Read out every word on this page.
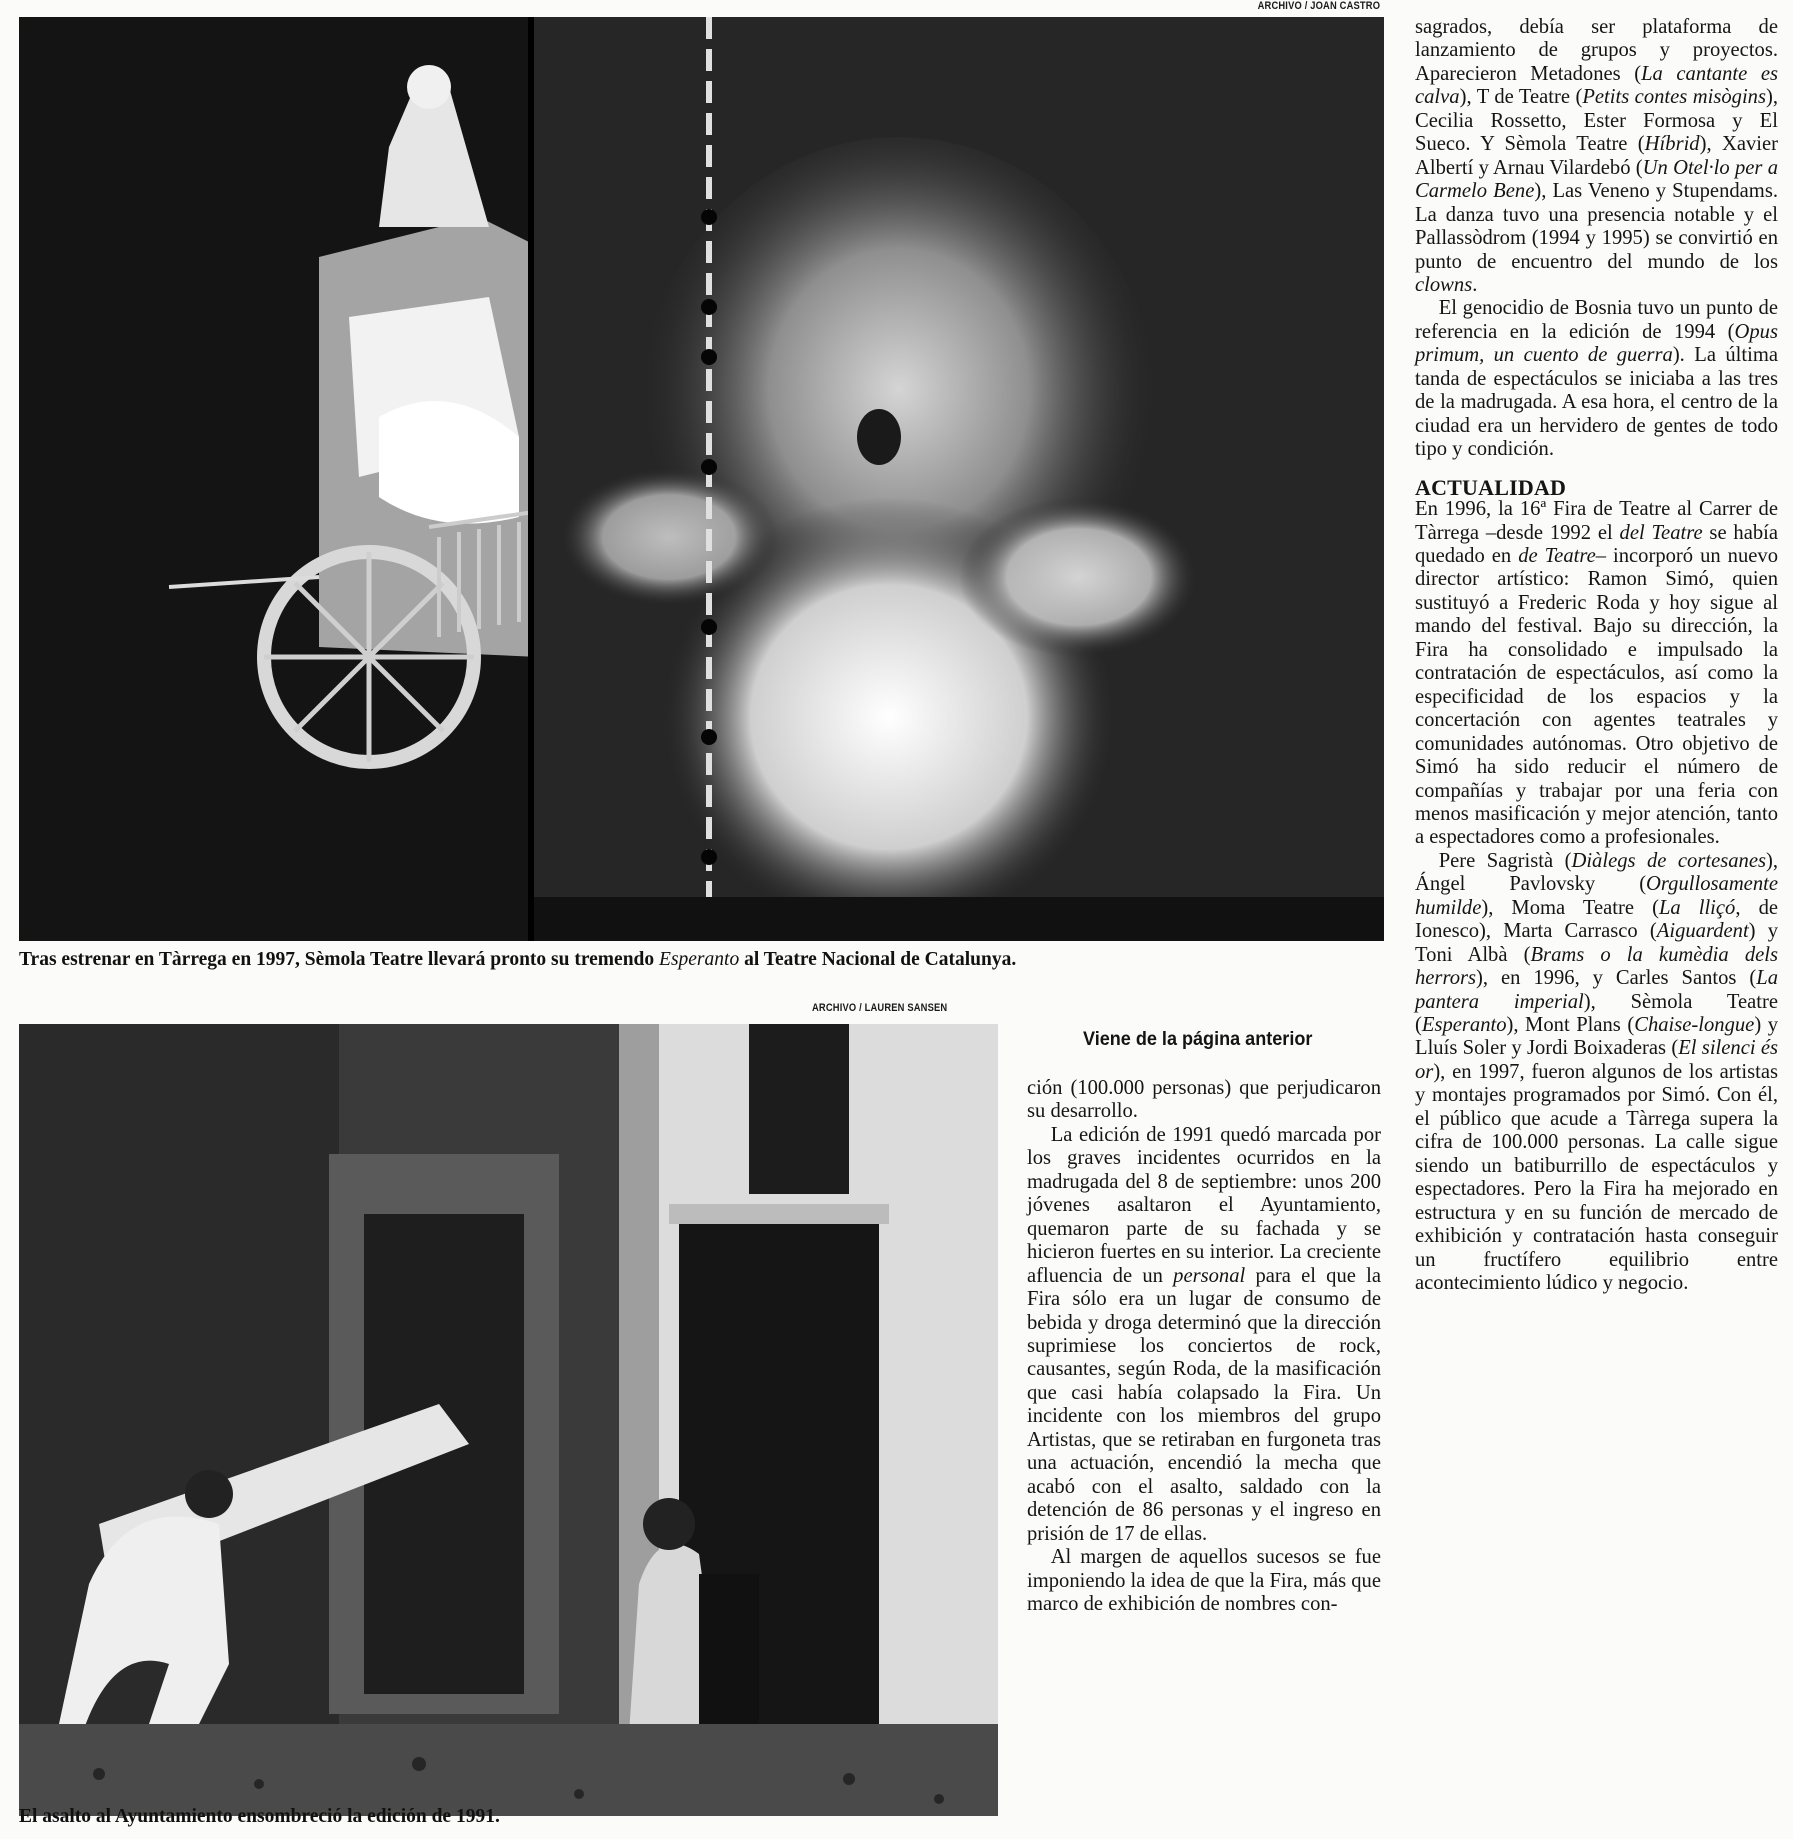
ARCHIVO / JOAN CASTRO
Tras estrenar en Tàrrega en 1997, Sèmola Teatre llevará pronto su tremendo Esperanto al Teatre Nacional de Catalunya.
ARCHIVO / LAUREN SANSEN
El asalto al Ayuntamiento ensombreció la edición de 1991.
Viene de la página anterior

ción (100.000 personas) que perjudicaron su desarrollo.

La edición de 1991 quedó marcada por los graves incidentes ocurridos en la madrugada del 8 de septiembre: unos 200 jóvenes asaltaron el Ayuntamiento, quemaron parte de su fachada y se hicieron fuertes en su interior. La creciente afluencia de un personal para el que la Fira sólo era un lugar de consumo de bebida y droga determinó que la dirección suprimiese los conciertos de rock, causantes, según Roda, de la masificación que casi había colapsado la Fira. Un incidente con los miembros del grupo Artistas, que se retiraban en furgoneta tras una actuación, encendió la mecha que acabó con el asalto, saldado con la detención de 86 personas y el ingreso en prisión de 17 de ellas.

Al margen de aquellos sucesos se fue imponiendo la idea de que la Fira, más que marco de exhibición de nombres con-

sagrados, debía ser plataforma de lanzamiento de grupos y proyectos. Aparecieron Metadones (La cantante es calva), T de Teatre (Petits contes misògins), Cecilia Rossetto, Ester Formosa y El Sueco. Y Sèmola Teatre (Híbrid), Xavier Albertí y Arnau Vilardebó (Un Otel·lo per a Carmelo Bene), Las Veneno y Stupendams. La danza tuvo una presencia notable y el Pallassòdrom (1994 y 1995) se convirtió en punto de encuentro del mundo de los clowns.

El genocidio de Bosnia tuvo un punto de referencia en la edición de 1994 (Opus primum, un cuento de guerra). La última tanda de espectáculos se iniciaba a las tres de la madrugada. A esa hora, el centro de la ciudad era un hervidero de gentes de todo tipo y condición.

ACTUALIDAD

En 1996, la 16ª Fira de Teatre al Carrer de Tàrrega –desde 1992 el del Teatre se había quedado en de Teatre– incorporó un nuevo director artístico: Ramon Simó, quien sustituyó a Frederic Roda y hoy sigue al mando del festival. Bajo su dirección, la Fira ha consolidado e impulsado la contratación de espectáculos, así como la especificidad de los espacios y la concertación con agentes teatrales y comunidades autónomas. Otro objetivo de Simó ha sido reducir el número de compañías y trabajar por una feria con menos masificación y mejor atención, tanto a espectadores como a profesionales.

Pere Sagristà (Diàlegs de cortesanes), Ángel Pavlovsky (Orgullosamente humilde), Moma Teatre (La lliçó, de Ionesco), Marta Carrasco (Aiguardent) y Toni Albà (Brams o la kumèdia dels herrors), en 1996, y Carles Santos (La pantera imperial), Sèmola Teatre (Esperanto), Mont Plans (Chaise-longue) y Lluís Soler y Jordi Boixaderas (El silenci és or), en 1997, fueron algunos de los artistas y montajes programados por Simó. Con él, el público que acude a Tàrrega supera la cifra de 100.000 personas. La calle sigue siendo un batiburrillo de espectáculos y espectadores. Pero la Fira ha mejorado en estructura y en su función de mercado de exhibición y contratación hasta conseguir un fructífero equilibrio entre acontecimiento lúdico y negocio.
